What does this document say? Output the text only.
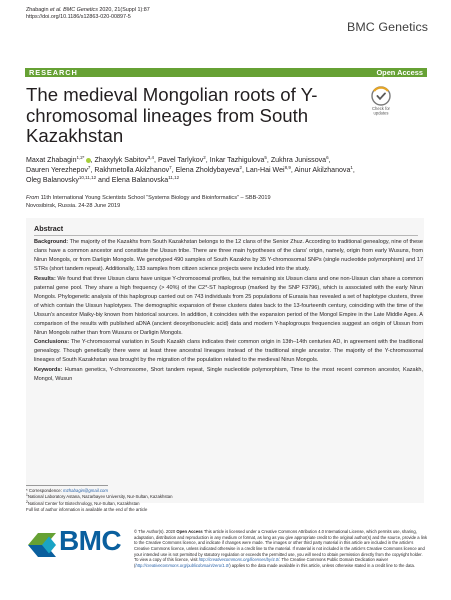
Zhabagin et al. BMC Genetics 2020, 21(Suppl 1):87
https://doi.org/10.1186/s12863-020-00897-5
BMC Genetics
RESEARCH	Open Access
The medieval Mongolian roots of Y-chromosomal lineages from South Kazakhstan
Check for
updates
Maxat Zhabagin$^{1,2*}$ , Zhaxylyk Sabitov$^{3,4}$, Pavel Tarlykov$^2$, Inkar Tazhigulova$^5$, Zukhra Junissova$^6$,
Dauren Yerezhepov$^7$, Rakhmetolla Akilzhanov$^7$, Elena Zholdybayeva$^2$, Lan-Hai Wei$^{8,9}$, Ainur Akilzhanova$^1$,
Oleg Balanovsky$^{10,11,12}$ and Elena Balanovska$^{11,12}$
From 11th International Young Scientists School “Systems Biology and Bioinformatics” – SBB-2019
Novosibirsk, Russia. 24-28 June 2019
Abstract

Background: The majority of the Kazakhs from South Kazakhstan belongs to the 12 clans of the Senior Zhuz. According to traditional genealogy, nine of these clans have a common ancestor and constitute the Uissun tribe. There are three main hypotheses of the clans' origin, namely, origin from early Wusuns, from Nirun Mongols, or from Darligin Mongols. We genotyped 490 samples of South Kazakhs by 35 Y-chromosomal SNPs (single nucleotide polymorphism) and 17 STRs (short tandem repeat). Additionally, 133 samples from citizen science projects were included into the study.

Results: We found that three Uissun clans have unique Y-chromosomal profiles, but the remaining six Uissun clans and one non-Uissun clan share a common paternal gene pool. They share a high frequency (> 40%) of the C2*-ST haplogroup (marked by the SNP F3796), which is associated with the early Nirun Mongols. Phylogenetic analysis of this haplogroup carried out on 743 individuals from 25 populations of Eurasia has revealed a set of haplotype clusters, three of which contain the Uissun haplotypes. The demographic expansion of these clusters dates back to the 13-fourteenth century, coinciding with the time of the Uissun's ancestor Maiky-biy known from historical sources. In addition, it coincides with the expansion period of the Mongol Empire in the Late Middle Ages. A comparison of the results with published aDNA (ancient deoxyribonucleic acid) data and modern Y-haplogroups frequencies suggest an origin of Uissun from Nirun Mongols rather than from Wusuns or Darligin Mongols.

Conclusions: The Y-chromosomal variation in South Kazakh clans indicates their common origin in 13th–14th centuries AD, in agreement with the traditional genealogy. Though genetically there were at least three ancestral lineages instead of the traditional single ancestor. The majority of the Y-chromosomal lineages of South Kazakhstan was brought by the migration of the population related to the medieval Nirun Mongols.

Keywords: Human genetics, Y-chromosome, Short tandem repeat, Single nucleotide polymorphism, Time to the most recent common ancestor, Kazakh, Mongol, Wusun

* Correspondence: mzhabagin@gmail.com
$^1$National Laboratory Astana, Nazarbayev University, Nur-Sultan, Kazakhstan
$^2$National Center for Biotechnology, Nur-Sultan, Kazakhstan
Full list of author information is available at the end of the article
BMC	© The Author(s). 2020 Open Access This article is licensed under a Creative Commons Attribution 4.0 International License, which permits use, sharing, adaptation, distribution and reproduction in any medium or format, as long as you give appropriate credit to the original author(s) and the source, provide a link to the Creative Commons licence, and indicate if changes were made. The images or other third party material in this article are included in the article's Creative Commons licence, unless indicated otherwise in a credit line to the material. If material is not included in the article's Creative Commons licence and your intended use is not permitted by statutory regulation or exceeds the permitted use, you will need to obtain permission directly from the copyright holder. To view a copy of this licence, visit http://creativecommons.org/licenses/by/4.0/. The Creative Commons Public Domain Dedication waiver (http://creativecommons.org/publicdomain/zero/1.0/) applies to the data made available in this article, unless otherwise stated in a credit line to the data.
